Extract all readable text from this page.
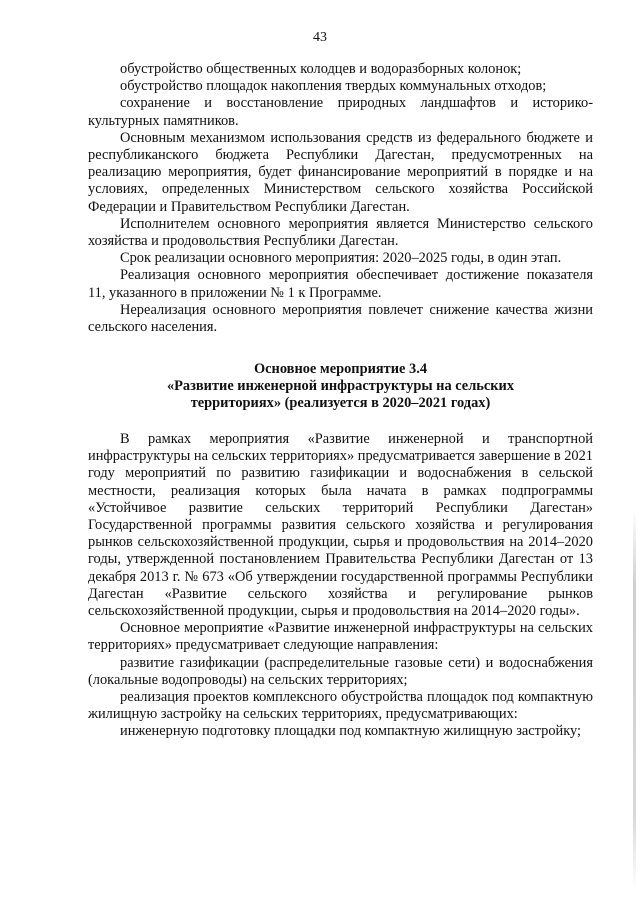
43

обустройство общественных колодцев и водоразборных колонок;

обустройство площадок накопления твердых коммунальных отходов;

сохранение и восстановление природных ландшафтов и историко-культурных памятников.

Основным механизмом использования средств из федерального бюджете и республиканского бюджета Республики Дагестан, предусмотренных на реализацию мероприятия, будет финансирование мероприятий в порядке и на условиях, определенных Министерством сельского хозяйства Российской Федерации и Правительством Республики Дагестан.

Исполнителем основного мероприятия является Министерство сельского хозяйства и продовольствия Республики Дагестан.

Срок реализации основного мероприятия: 2020–2025 годы, в один этап.

Реализация основного мероприятия обеспечивает достижение показателя 11, указанного в приложении № 1 к Программе.

Нереализация основного мероприятия повлечет снижение качества жизни сельского населения.

Основное мероприятие 3.4
«Развитие инженерной инфраструктуры на сельских
территориях» (реализуется в 2020–2021 годах)

В рамках мероприятия «Развитие инженерной и транспортной инфраструктуры на сельских территориях» предусматривается завершение в 2021 году мероприятий по развитию газификации и водоснабжения в сельской местности, реализация которых была начата в рамках подпрограммы «Устойчивое развитие сельских территорий Республики Дагестан» Государственной программы развития сельского хозяйства и регулирования рынков сельскохозяйственной продукции, сырья и продовольствия на 2014–2020 годы, утвержденной постановлением Правительства Республики Дагестан от 13 декабря 2013 г. № 673 «Об утверждении государственной программы Республики Дагестан «Развитие сельского хозяйства и регулирование рынков сельскохозяйственной продукции, сырья и продовольствия на 2014–2020 годы».

Основное мероприятие «Развитие инженерной инфраструктуры на сельских территориях» предусматривает следующие направления:

развитие газификации (распределительные газовые сети) и водоснабжения (локальные водопроводы) на сельских территориях;

реализация проектов комплексного обустройства площадок под компактную жилищную застройку на сельских территориях, предусматривающих:

инженерную подготовку площадки под компактную жилищную застройку;
